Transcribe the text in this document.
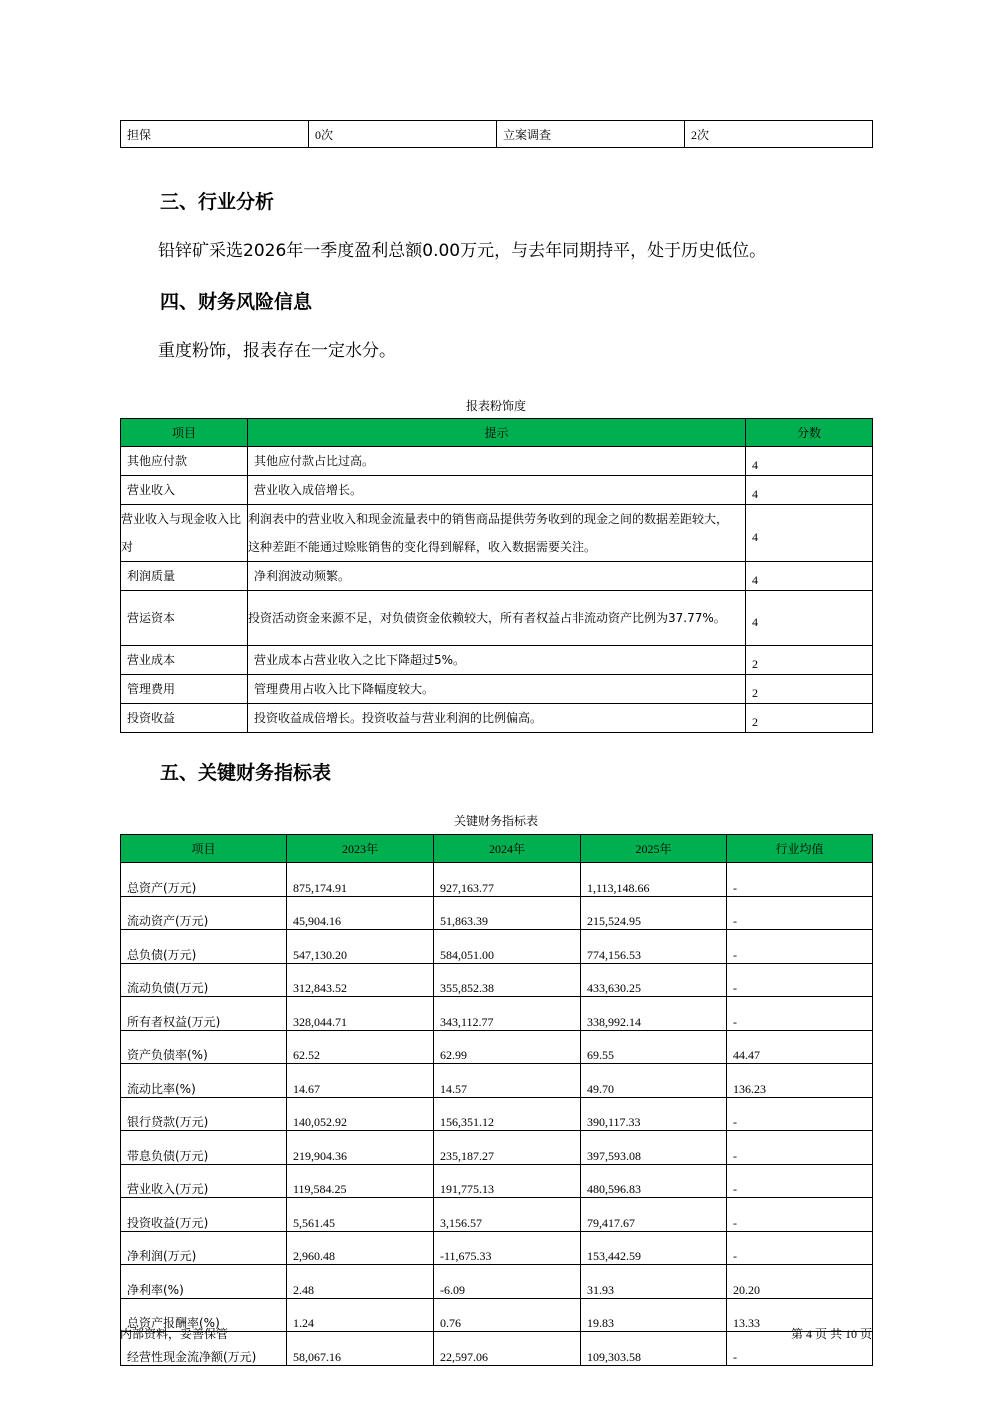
担保	0次	立案调查	2次
三、行业分析

铅锌矿采选2026年一季度盈利总额0.00万元，与去年同期持平，处于历史低位。

四、财务风险信息

重度粉饰，报表存在一定水分。

报表粉饰度
项目	提示	分数
其他应付款	其他应付款占比过高。	4
营业收入	营业收入成倍增长。	4
营业收入与现金收入比对	利润表中的营业收入和现金流量表中的销售商品提供劳务收到的现金之间的数据差距较大，这种差距不能通过赊账销售的变化得到解释，收入数据需要关注。	4
利润质量	净利润波动频繁。	4
营运资本	投资活动资金来源不足，对负债资金依赖较大，所有者权益占非流动资产比例为37.77%。	4
营业成本	营业成本占营业收入之比下降超过5%。	2
管理费用	管理费用占收入比下降幅度较大。	2
投资收益	投资收益成倍增长。投资收益与营业利润的比例偏高。	2
五、关键财务指标表
关键财务指标表
项目	2023年	2024年	2025年	行业均值
总资产(万元)	875,174.91	927,163.77	1,113,148.66	-
流动资产(万元)	45,904.16	51,863.39	215,524.95	-
总负债(万元)	547,130.20	584,051.00	774,156.53	-
流动负债(万元)	312,843.52	355,852.38	433,630.25	-
所有者权益(万元)	328,044.71	343,112.77	338,992.14	-
资产负债率(%)	62.52	62.99	69.55	44.47
流动比率(%)	14.67	14.57	49.70	136.23
银行贷款(万元)	140,052.92	156,351.12	390,117.33	-
带息负债(万元)	219,904.36	235,187.27	397,593.08	-
营业收入(万元)	119,584.25	191,775.13	480,596.83	-
投资收益(万元)	5,561.45	3,156.57	79,417.67	-
净利润(万元)	2,960.48	-11,675.33	153,442.59	-
净利率(%)	2.48	-6.09	31.93	20.20
总资产报酬率(%)	1.24	0.76	19.83	13.33
经营性现金流净额(万元)	58,067.16	22,597.06	109,303.58	-
内部资料，妥善保管	第 4 页 共 10 页
